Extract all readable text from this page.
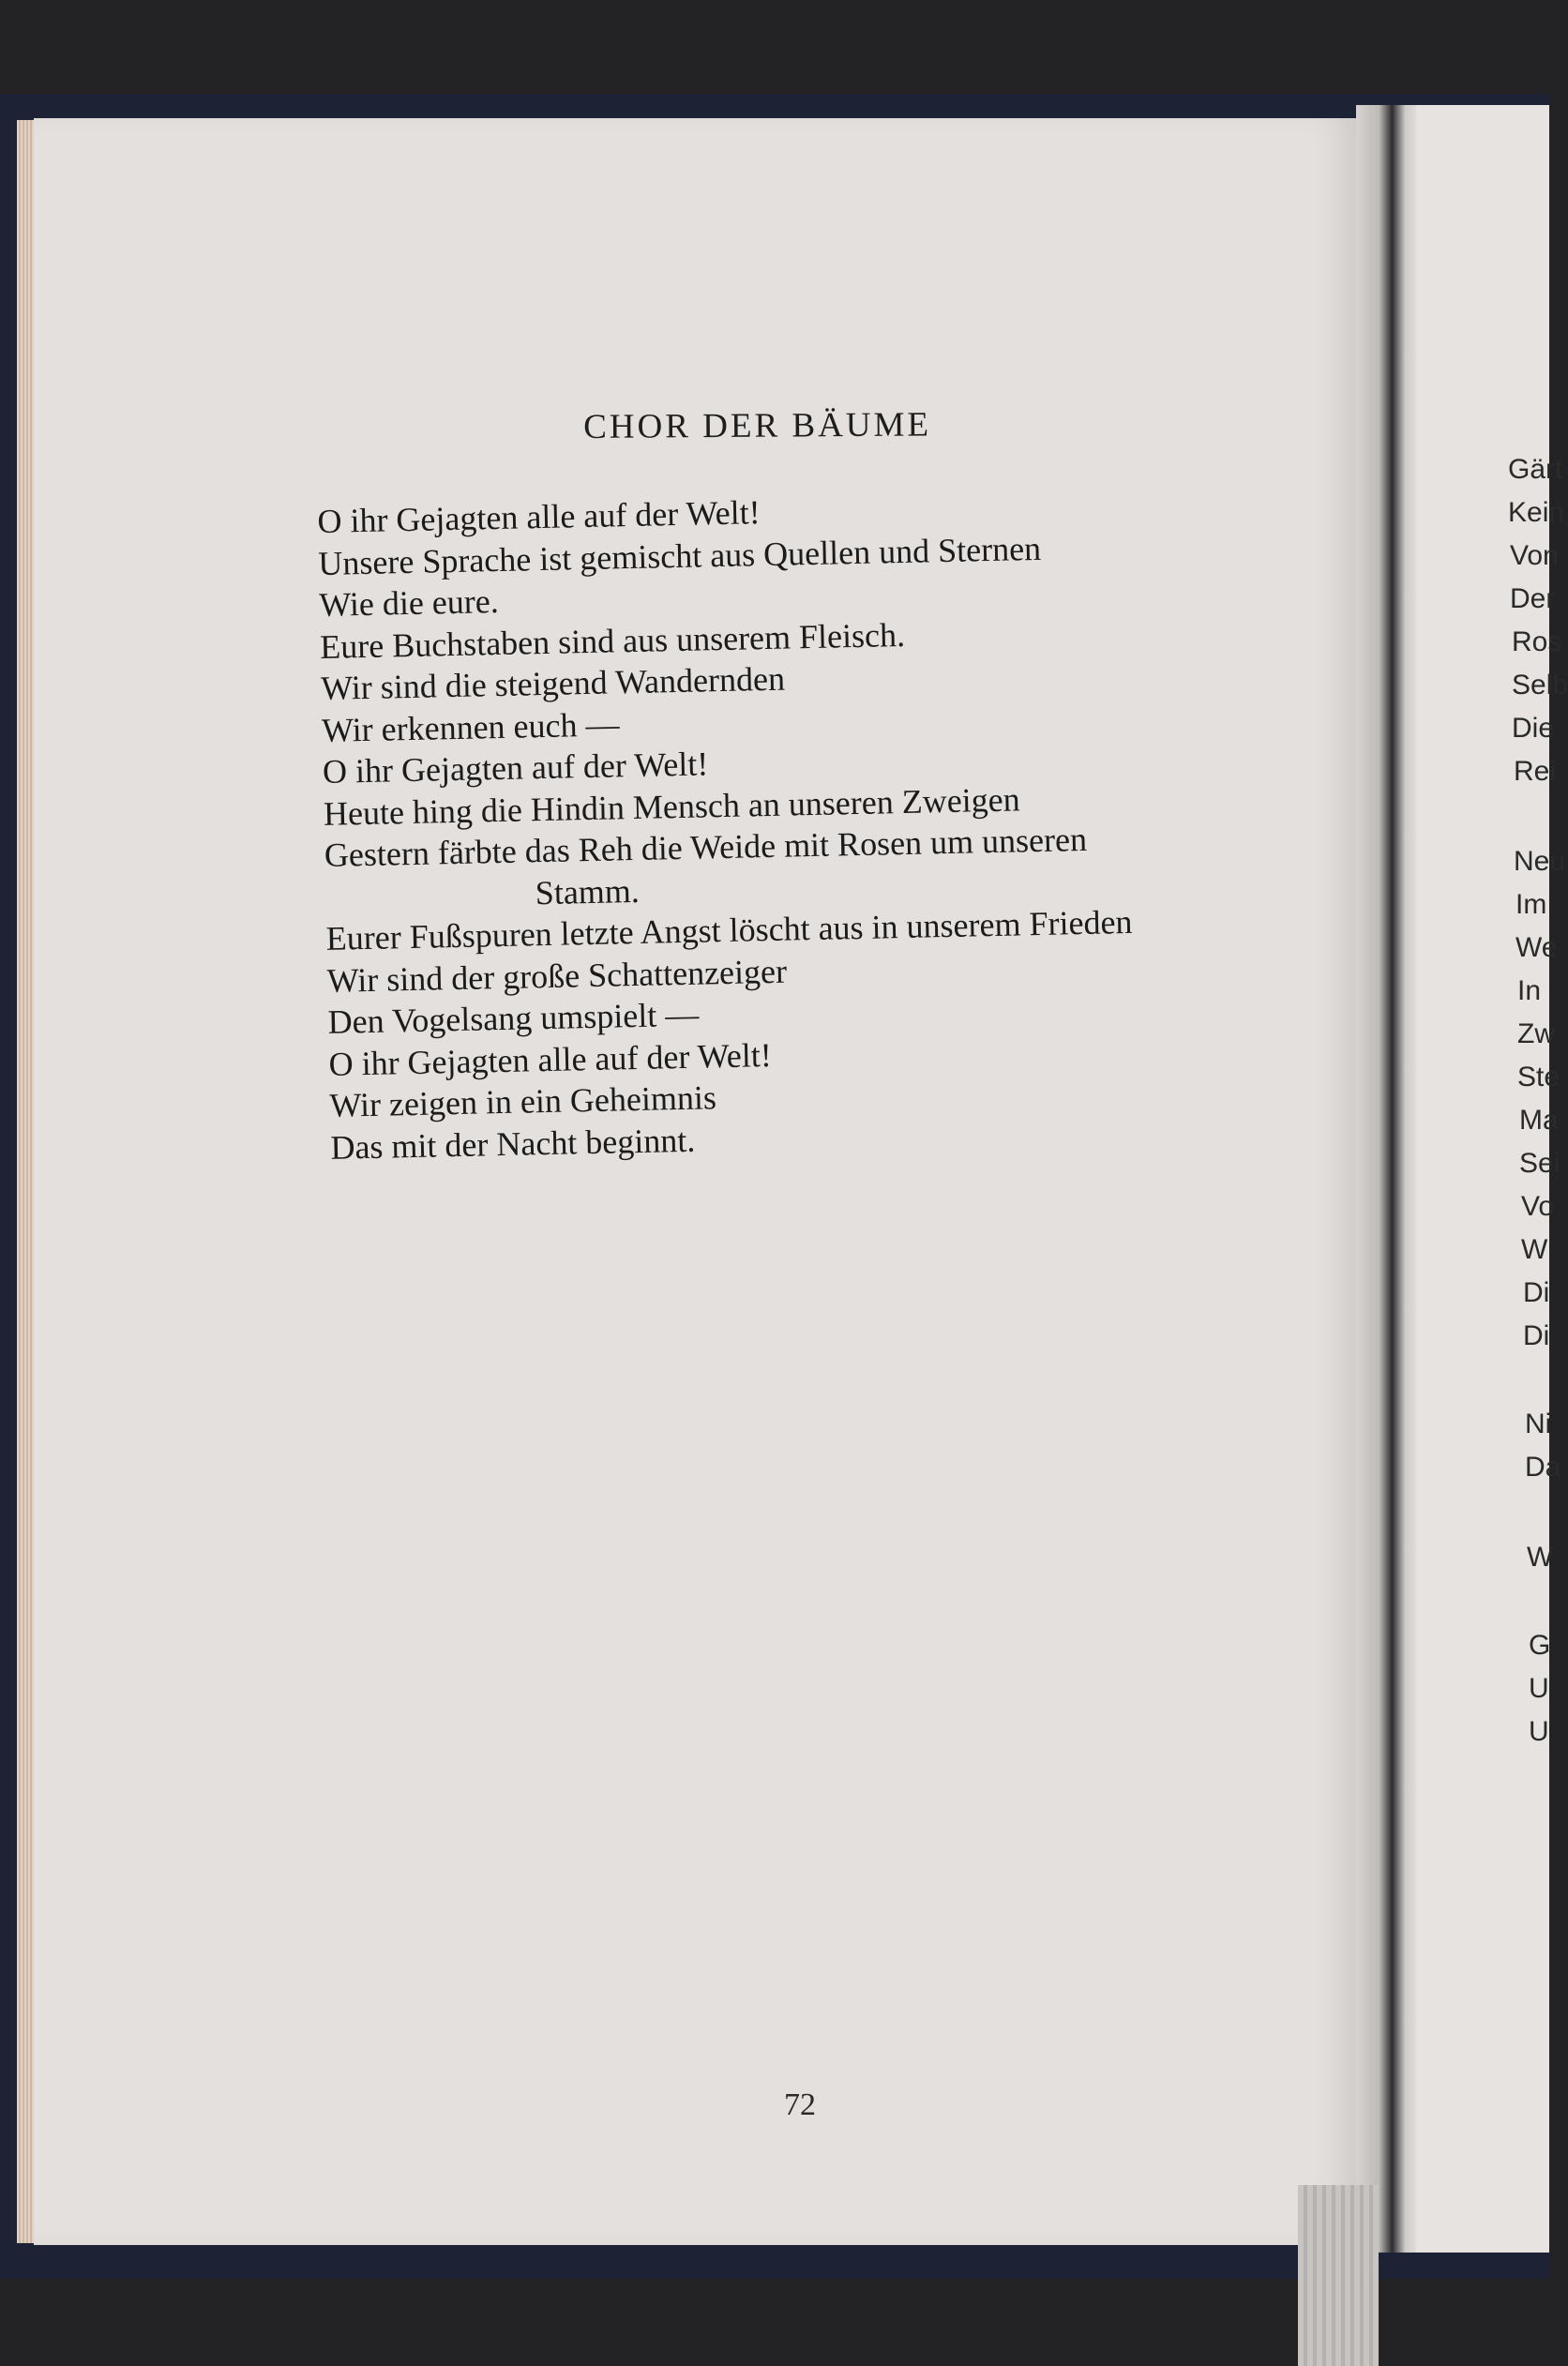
CHOR DER BÄUME
O ihr Gejagten alle auf der Welt!
Unsere Sprache ist gemischt aus Quellen und Sternen
Wie die eure.
Eure Buchstaben sind aus unserem Fleisch.
Wir sind die steigend Wandernden
Wir erkennen euch —
O ihr Gejagten auf der Welt!
Heute hing die Hindin Mensch an unseren Zweigen
Gestern färbte das Reh die Weide mit Rosen um unseren
Stamm.
Eurer Fußspuren letzte Angst löscht aus in unserem Frieden
Wir sind der große Schattenzeiger
Den Vogelsang umspielt —
O ihr Gejagten alle auf der Welt!
Wir zeigen in ein Geheimnis
Das mit der Nacht beginnt.
72
Gärt
Kein
Von
Der
Ros
Selb
Die
Rei
Neu
Im
We
In
Zw
Ste
Ma
Sei
Vo
W
Di
Di
Ni
Da
W
G
U
U
